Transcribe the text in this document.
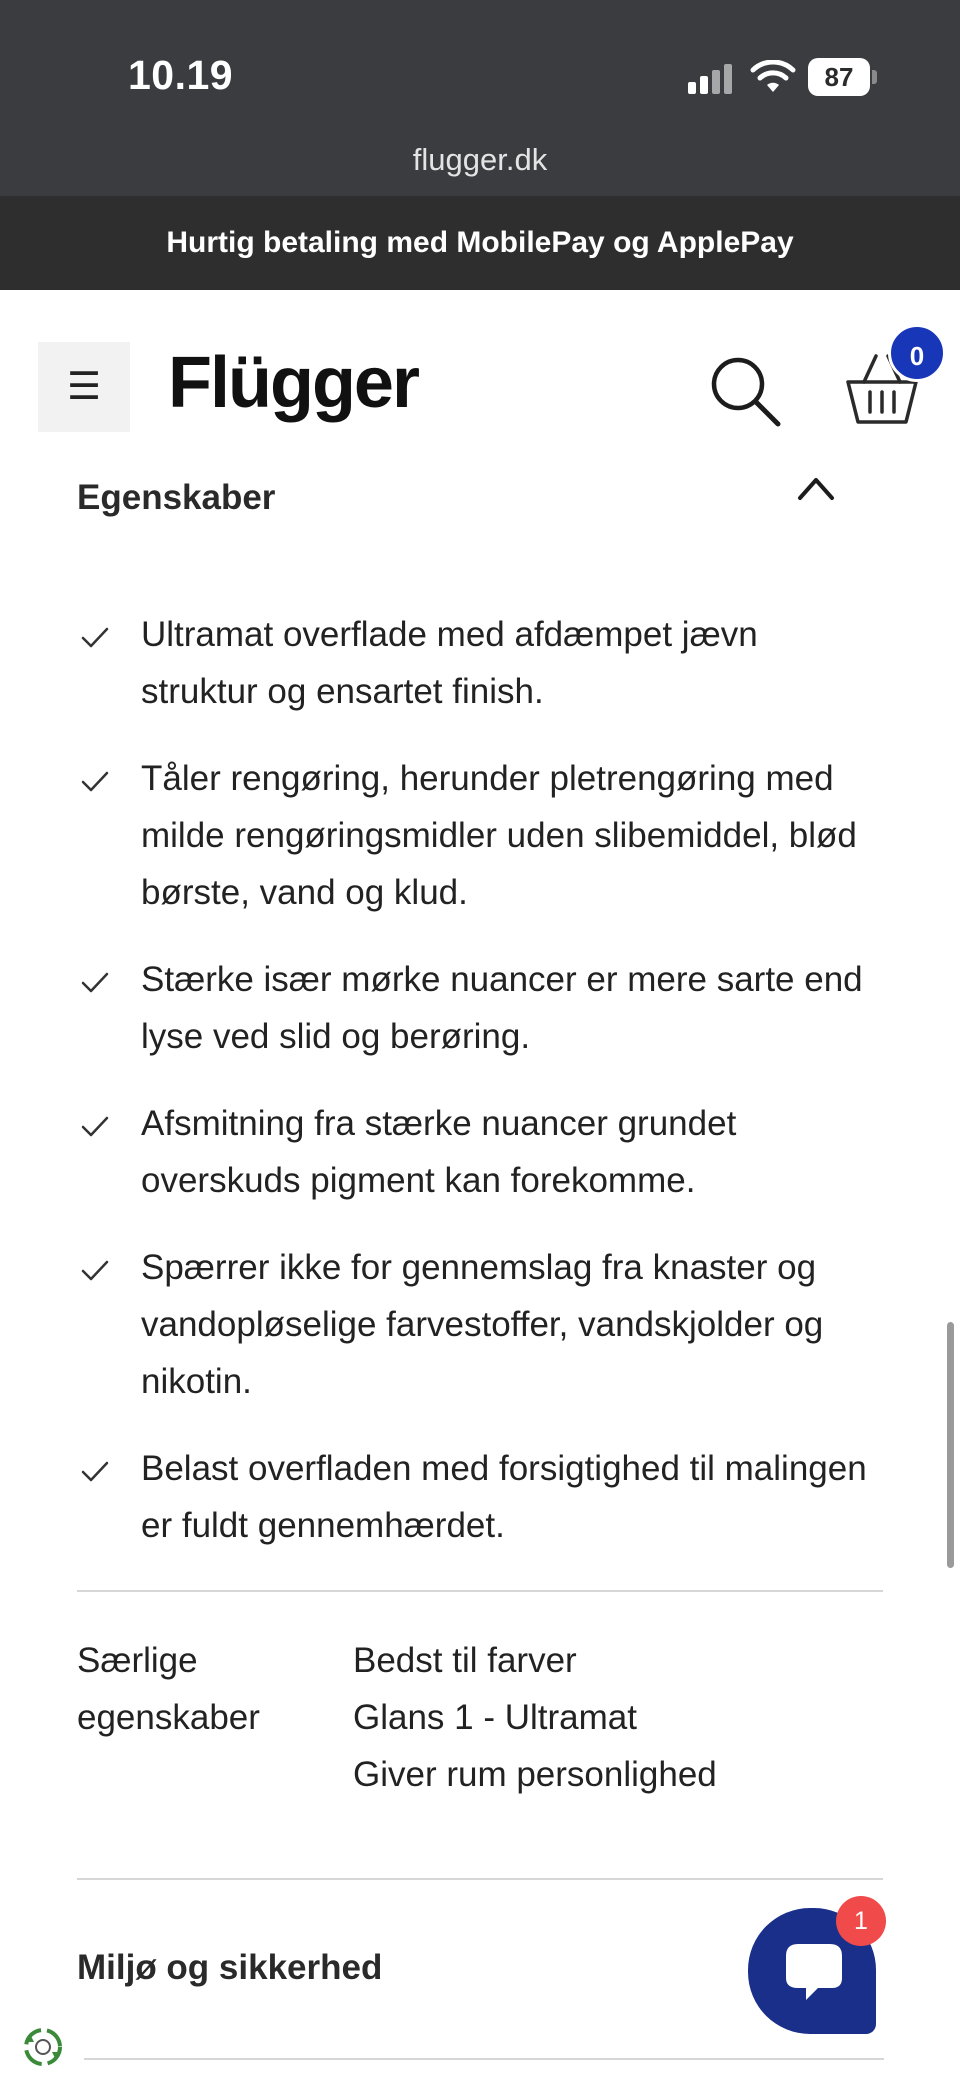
10.19	87
flugger.dk
Hurtig betaling med MobilePay og ApplePay
☰ Flügger	0
Egenskaber
Ultramat overflade med afdæmpet jævn struktur og ensartet finish.
Tåler rengøring, herunder pletrengøring med milde rengøringsmidler uden slibemiddel, blød børste, vand og klud.
Stærke især mørke nuancer er mere sarte end lyse ved slid og berøring.
Afsmitning fra stærke nuancer grundet overskuds pigment kan forekomme.
Spærrer ikke for gennemslag fra knaster og vandopløselige farvestoffer, vandskjolder og nikotin.
Belast overfladen med forsigtighed til malingen er fuldt gennemhærdet.
Særlige egenskaber
Bedst til farver
Glans 1 - Ultramat
Giver rum personlighed
Miljø og sikkerhed
1
